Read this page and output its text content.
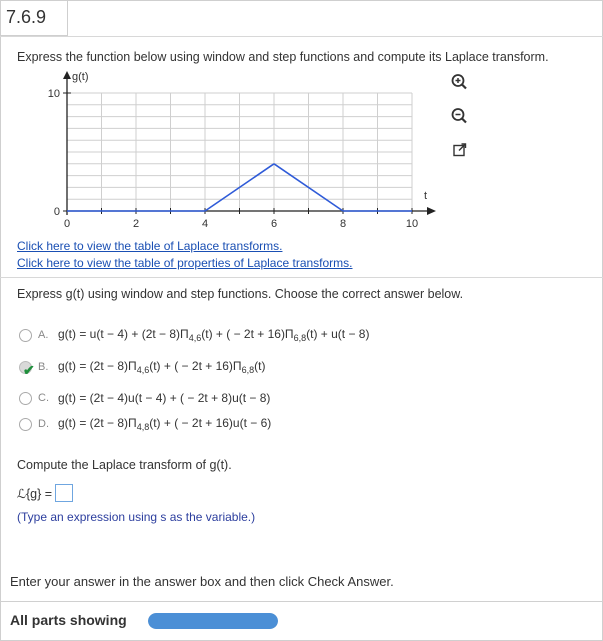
7.6.9
Express the function below using window and step functions and compute its Laplace transform.
0	2	4	6	8	10
10
0
g(t)
t
Click here to view the table of Laplace transforms.
Click here to view the table of properties of Laplace transforms.
Express g(t) using window and step functions. Choose the correct answer below.
A. $g(t) = u(t - 4) + (2t - 8)\Pi_{4,6}(t)$ + ( − $2t + 16)\Pi_{6,8}(t) + u(t - 8)$
B. $g(t) = (2t - 8)\Pi_{4,6}(t)$ + ( − $2t + 16)\Pi_{6,8}(t)$
✔
C. g(t) = (2t − 4)u(t − 4) + ( − 2t + 8)u(t − 8)
D. $g(t) = (2t - 8)\Pi_{4,8}(t)$ + ( − 2t + 16)u(t − 6)
Compute the Laplace transform of g(t).
ℒ{g} =
(Type an expression using s as the variable.)
Enter your answer in the answer box and then click Check Answer.
All parts showing
